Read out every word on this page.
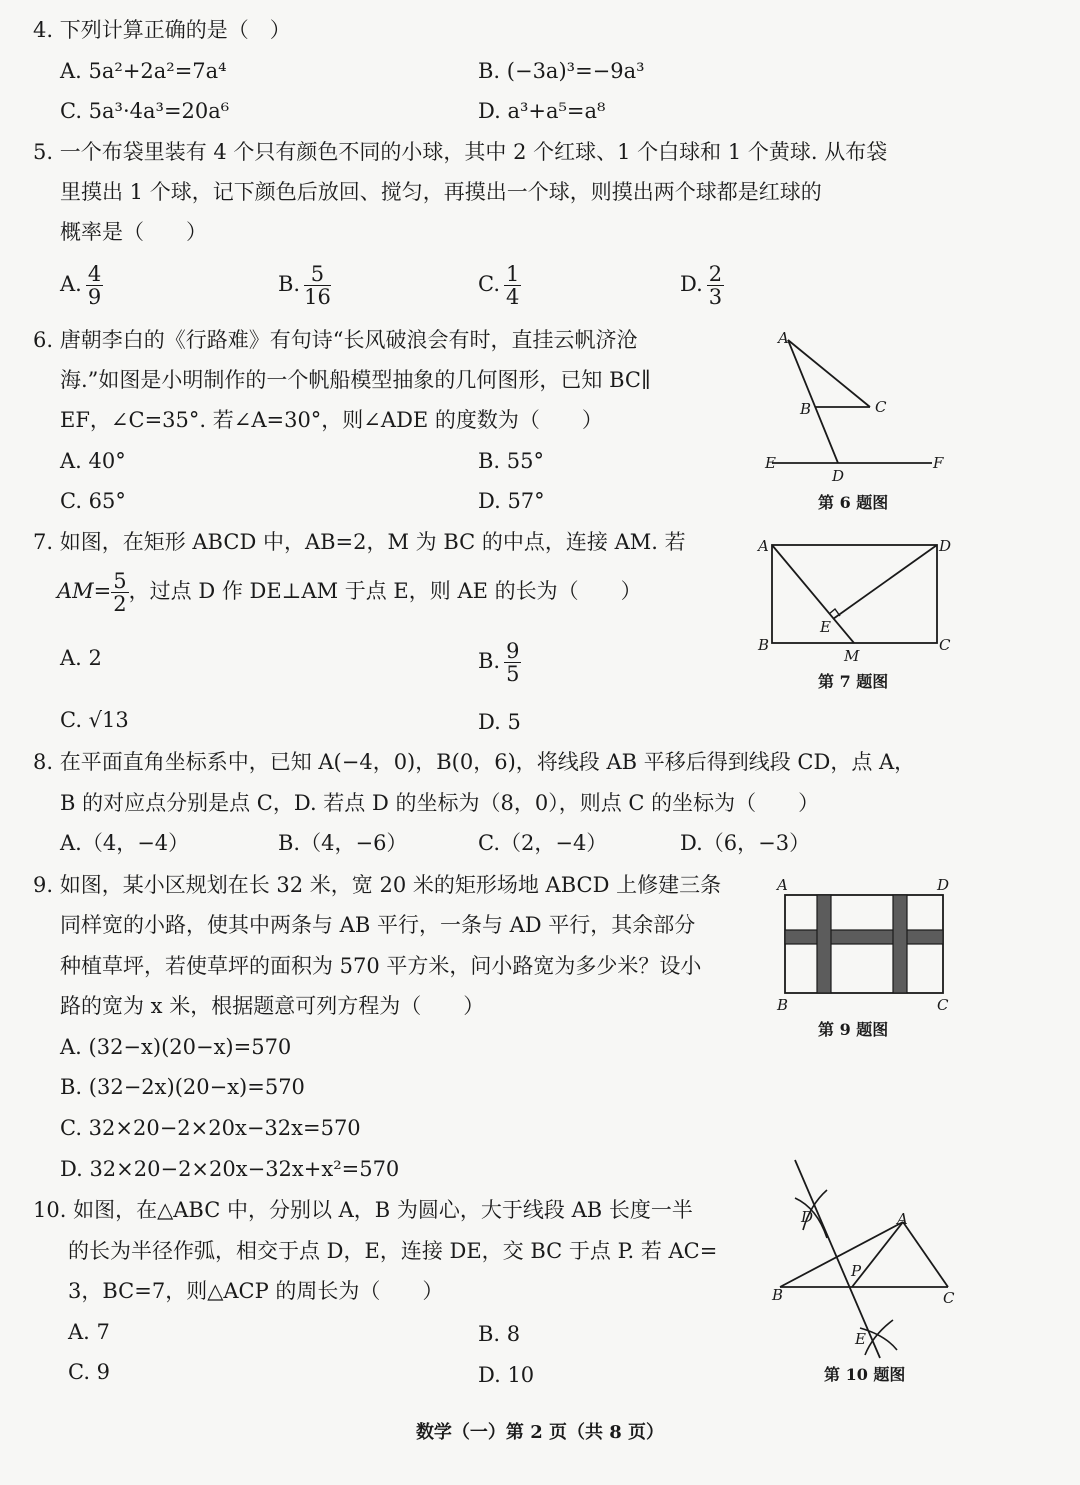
4. 下列计算正确的是（　）
A. 5a²+2a²=7a⁴	B. (−3a)³=−9a³
C. 5a³·4a³=20a⁶	D. a³+a⁵=a⁸
5. 一个布袋里装有 4 个只有颜色不同的小球，其中 2 个红球、1 个白球和 1 个黄球. 从布袋
里摸出 1 个球，记下颜色后放回、搅匀，再摸出一个球，则摸出两个球都是红球的
概率是（　　）
A. $\frac{4}{9}$	B. $\frac{5}{16}$	C. $\frac{1}{4}$	D. $\frac{2}{3}$
6. 唐朝李白的《行路难》有句诗“长风破浪会有时，直挂云帆济沧
海.”如图是小明制作的一个帆船模型抽象的几何图形，已知 BC∥
EF，∠C=35°. 若∠A=30°，则∠ADE 的度数为（　　）
A. 40°	B. 55°
C. 65°	D. 57°
A
B	C
D
E	F
第 6 题图
7. 如图，在矩形 ABCD 中，AB=2，M 为 BC 的中点，连接 AM. 若
$AM= \frac{5}{2}$ ，过点 D 作 DE⊥AM 于点 E，则 AE 的长为（　　）
A. 2	B. $\frac{9}{5}$
C. √13	D. 5
A	D
B	C
E
M
第 7 题图
8. 在平面直角坐标系中，已知 A(−4，0)，B(0，6)，将线段 AB 平移后得到线段 CD，点 A，
B 的对应点分别是点 C，D. 若点 D 的坐标为（8，0），则点 C 的坐标为（　　）
A.（4，−4）	B.（4，−6）	C.（2，−4）	D.（6，−3）
9. 如图，某小区规划在长 32 米，宽 20 米的矩形场地 ABCD 上修建三条
同样宽的小路，使其中两条与 AB 平行，一条与 AD 平行，其余部分
种植草坪，若使草坪的面积为 570 平方米，问小路宽为多少米？设小
路的宽为 x 米，根据题意可列方程为（　　）
A. (32−x)(20−x)=570
B. (32−2x)(20−x)=570
C. 32×20−2×20x−32x=570
D. 32×20−2×20x−32x+x²=570
A	D
B	C
第 9 题图
10. 如图，在△ABC 中，分别以 A，B 为圆心，大于线段 AB 长度一半
的长为半径作弧，相交于点 D，E，连接 DE，交 BC 于点 P. 若 AC=
3，BC=7，则△ACP 的周长为（　　）
A. 7	B. 8
C. 9	D. 10
D	A
P
B	C
E
第 10 题图
数学（一）第 2 页（共 8 页）
